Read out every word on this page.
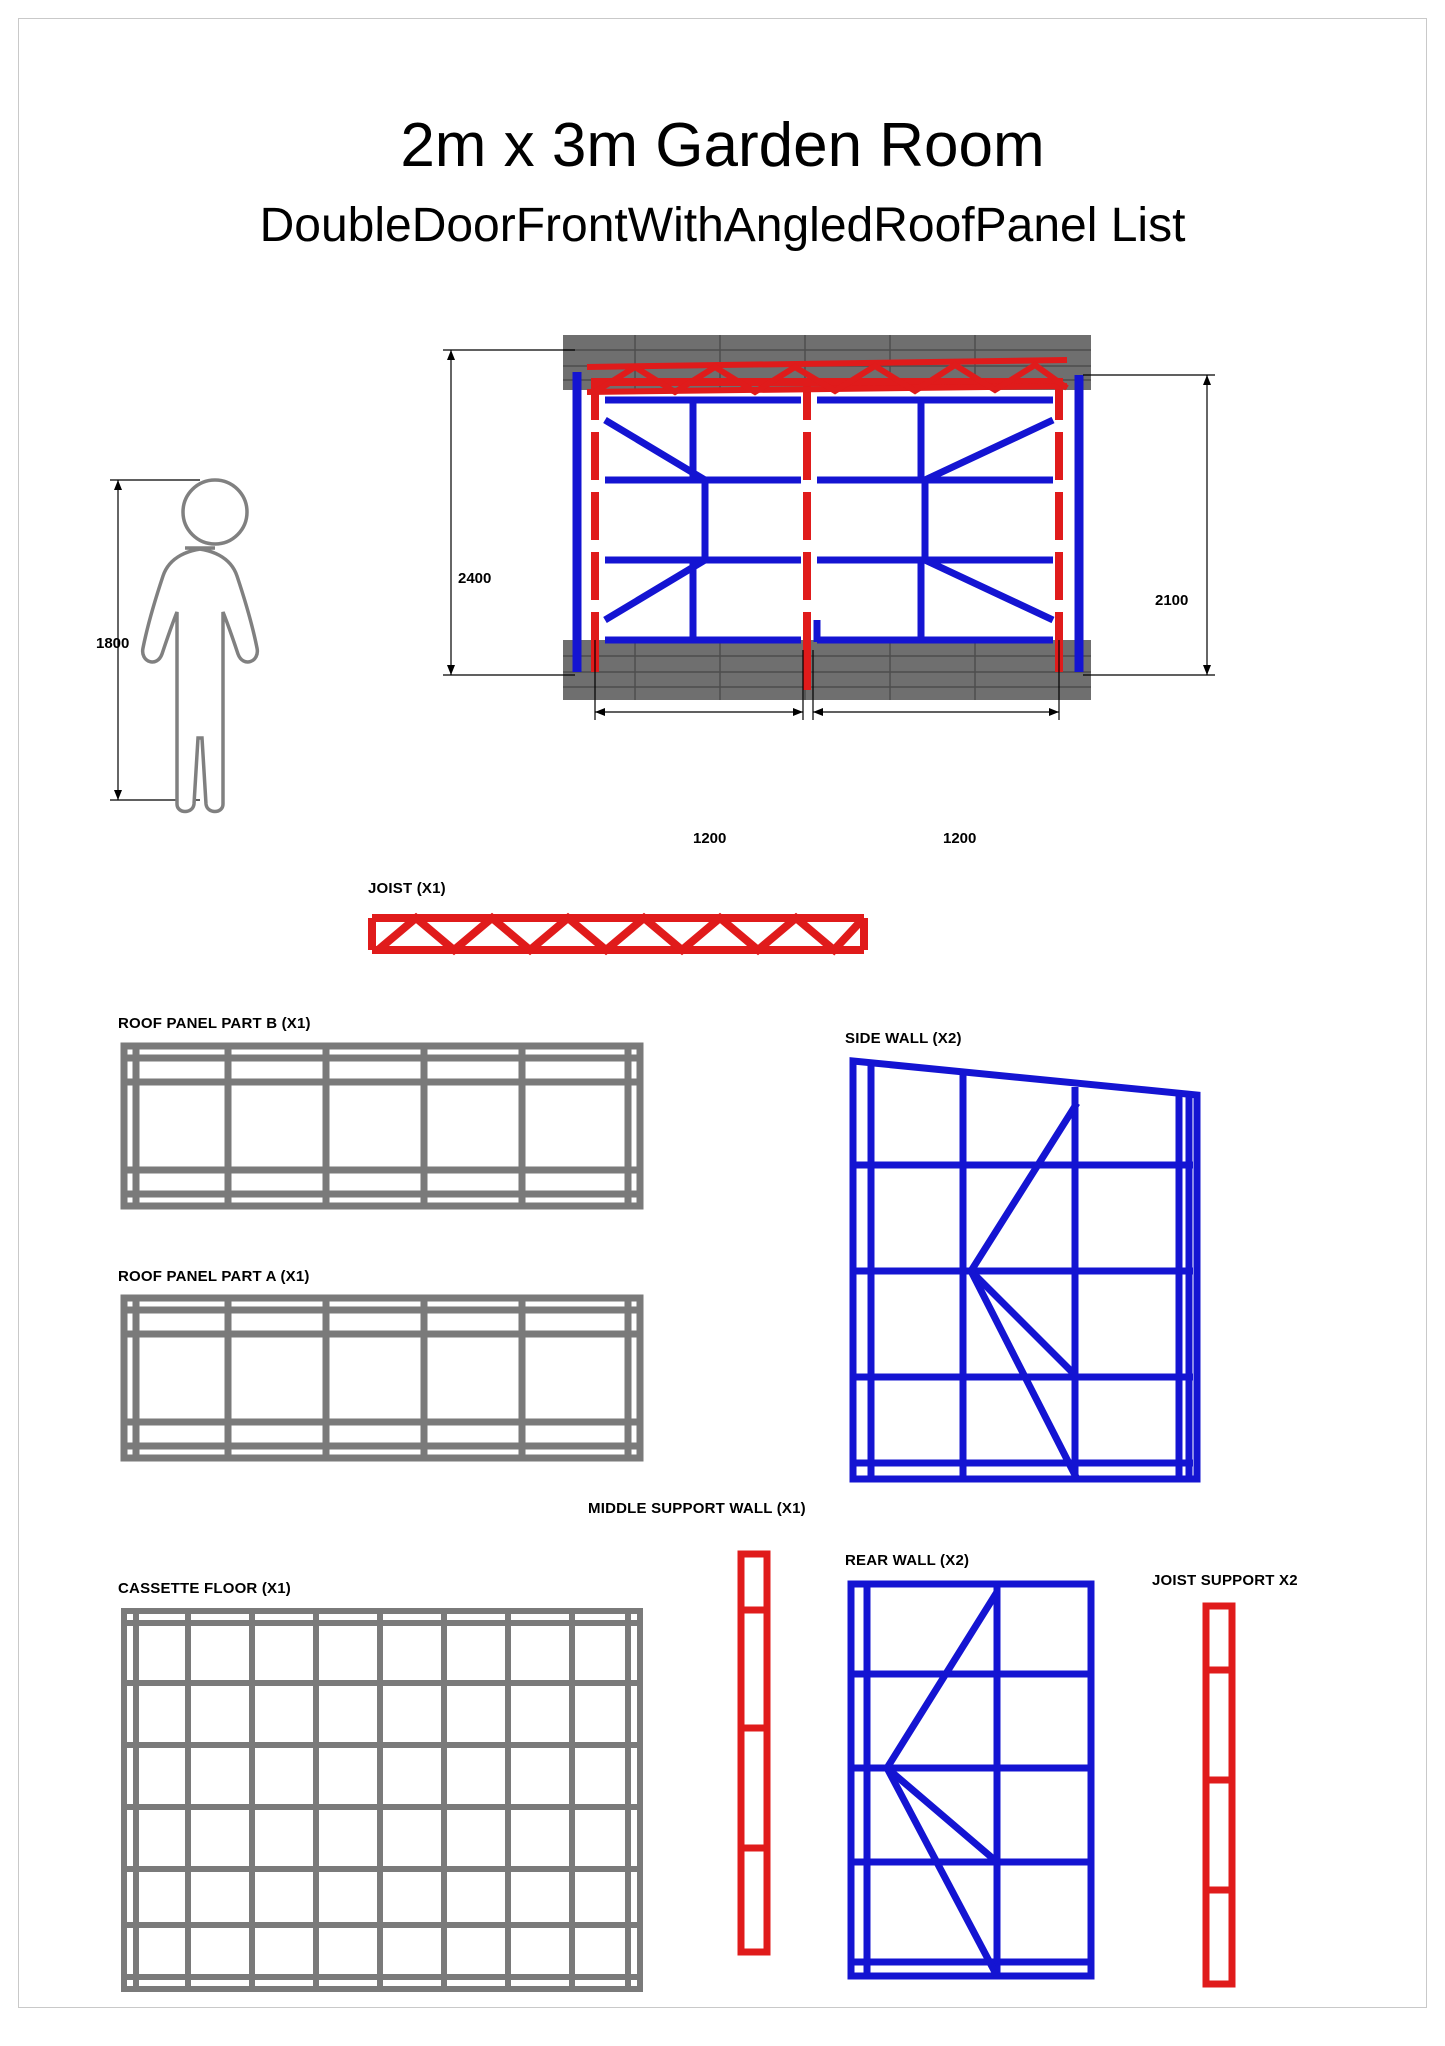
2m x 3m Garden Room
DoubleDoorFrontWithAngledRoofPanel List
1800
2400
2100
1200	1200
JOIST (X1)
ROOF PANEL PART B (X1)
ROOF PANEL PART A (X1)
SIDE WALL (X2)
CASSETTE FLOOR (X1)
MIDDLE SUPPORT WALL (X1)
REAR WALL (X2)
JOIST SUPPORT X2
